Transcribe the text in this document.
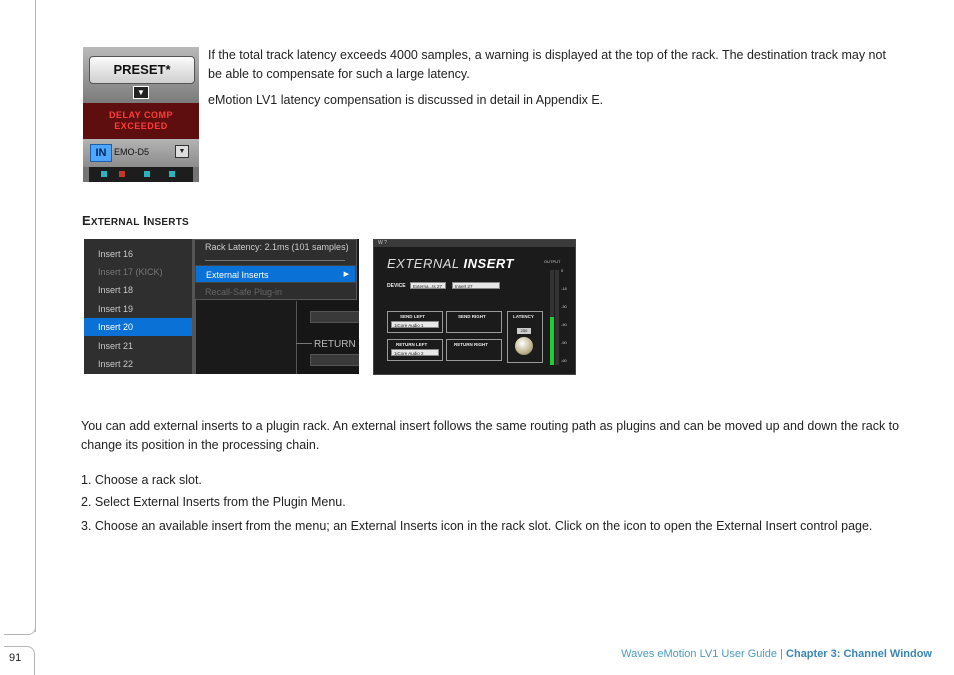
91	Waves eMotion LV1 User Guide | Chapter 3: Channel Window
PRESET*
▼
DELAY COMP
EXCEEDED
IN EMO-D5	▼
If the total track latency exceeds 4000 samples, a warning is displayed at the top of the rack. The destination track may not be able to compensate for such a large latency.
eMotion LV1 latency compensation is discussed in detail in Appendix E.
EXTERNAL INSERTS
Insert 16
Insert 17 (KICK)
Insert 18
Insert 19
Insert 20
Insert 21
Insert 22
RETURN
Rack Latency: 2.1ms (101 samples)
External Inserts	▶
Recall-Safe Plug-in
W ?
EXTERNAL INSERT	OUTPUT
DEVICE	Externa...ts 27	Insert 27
SEND LEFT
1iCore Audio 1
SEND RIGHT	LATENCY
250
RETURN LEFT
1iCore Audio 2
RETURN RIGHT
0
-18
-30
-40
-50
-60
You can add external inserts to a plugin rack. An external insert follows the same routing path as plugins and can be moved up and down the rack to change its position in the processing chain.
1. Choose a rack slot.
2. Select External Inserts from the Plugin Menu.
3. Choose an available insert from the menu; an External Inserts icon in the rack slot. Click on the icon to open the External Insert control page.
